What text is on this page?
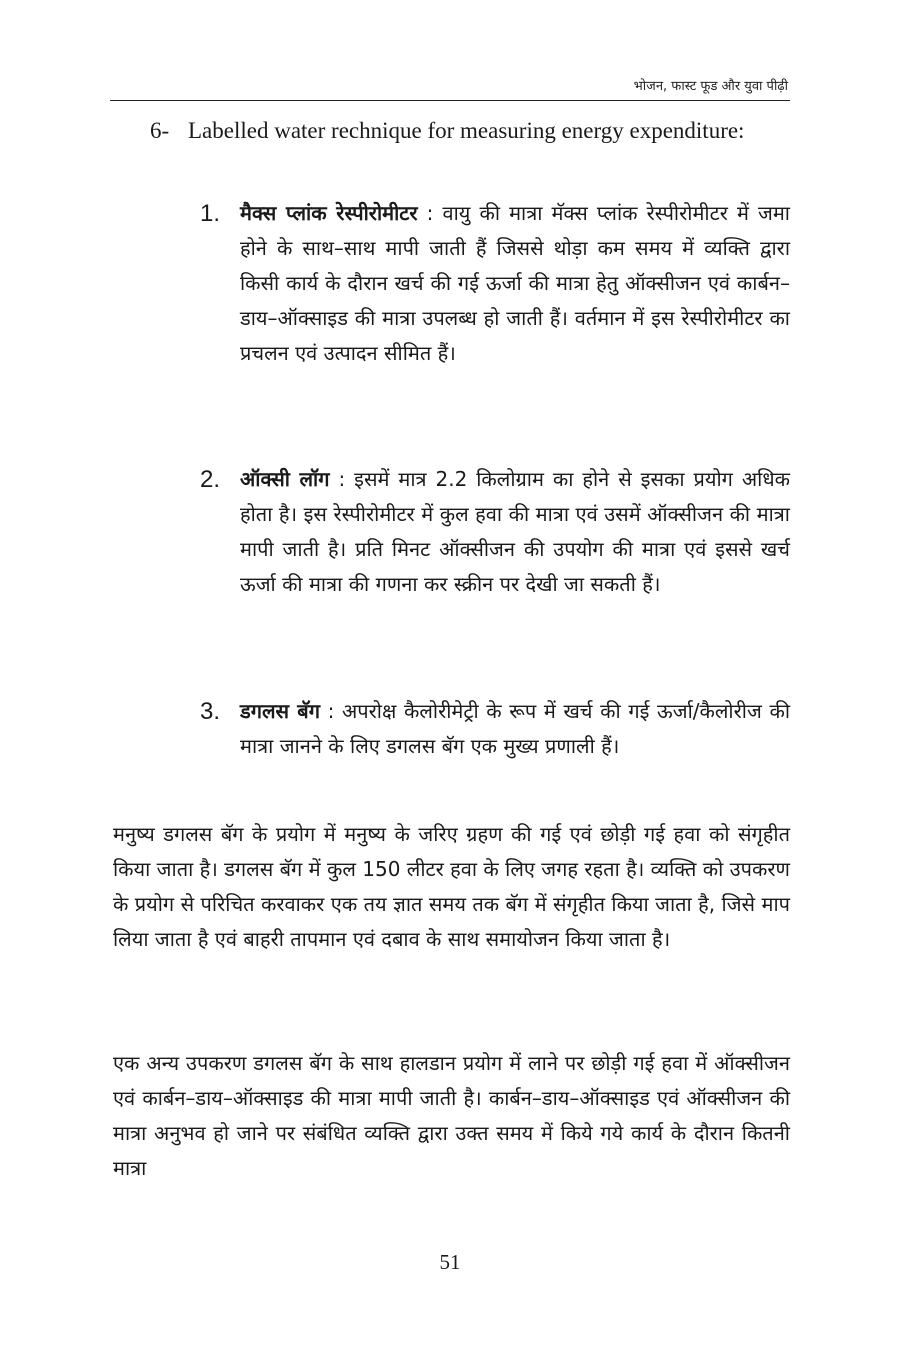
भोजन, फास्ट फूड और युवा पीढ़ी
6- Labelled water rechnique for measuring energy expenditure:
1. मैक्स प्लांक रेस्पीरोमीटर : वायु की मात्रा मॅक्स प्लांक रेस्पीरोमीटर में जमा होने के साथ–साथ मापी जाती हैं जिससे थोड़ा कम समय में व्यक्ति द्वारा किसी कार्य के दौरान खर्च की गई ऊर्जा की मात्रा हेतु ऑक्सीजन एवं कार्बन–डाय–ऑक्साइड की मात्रा उपलब्ध हो जाती हैं। वर्तमान में इस रेस्पीरोमीटर का प्रचलन एवं उत्पादन सीमित हैं।
2. ऑक्सी लॉग : इसमें मात्र 2.2 किलोग्राम का होने से इसका प्रयोग अधिक होता है। इस रेस्पीरोमीटर में कुल हवा की मात्रा एवं उसमें ऑक्सीजन की मात्रा मापी जाती है। प्रति मिनट ऑक्सीजन की उपयोग की मात्रा एवं इससे खर्च ऊर्जा की मात्रा की गणना कर स्क्रीन पर देखी जा सकती हैं।
3. डगलस बॅग : अपरोक्ष कैलोरीमेट्री के रूप में खर्च की गई ऊर्जा/कैलोरीज की मात्रा जानने के लिए डगलस बॅग एक मुख्य प्रणाली हैं।
मनुष्य डगलस बॅग के प्रयोग में मनुष्य के जरिए ग्रहण की गई एवं छोड़ी गई हवा को संगृहीत किया जाता है। डगलस बॅग में कुल 150 लीटर हवा के लिए जगह रहता है। व्यक्ति को उपकरण के प्रयोग से परिचित करवाकर एक तय ज्ञात समय तक बॅग में संगृहीत किया जाता है, जिसे माप लिया जाता है एवं बाहरी तापमान एवं दबाव के साथ समायोजन किया जाता है।
एक अन्य उपकरण डगलस बॅग के साथ हालडान प्रयोग में लाने पर छोड़ी गई हवा में ऑक्सीजन एवं कार्बन–डाय–ऑक्साइड की मात्रा मापी जाती है। कार्बन–डाय–ऑक्साइड एवं ऑक्सीजन की मात्रा अनुभव हो जाने पर संबंधित व्यक्ति द्वारा उक्त समय में किये गये कार्य के दौरान कितनी मात्रा
51
